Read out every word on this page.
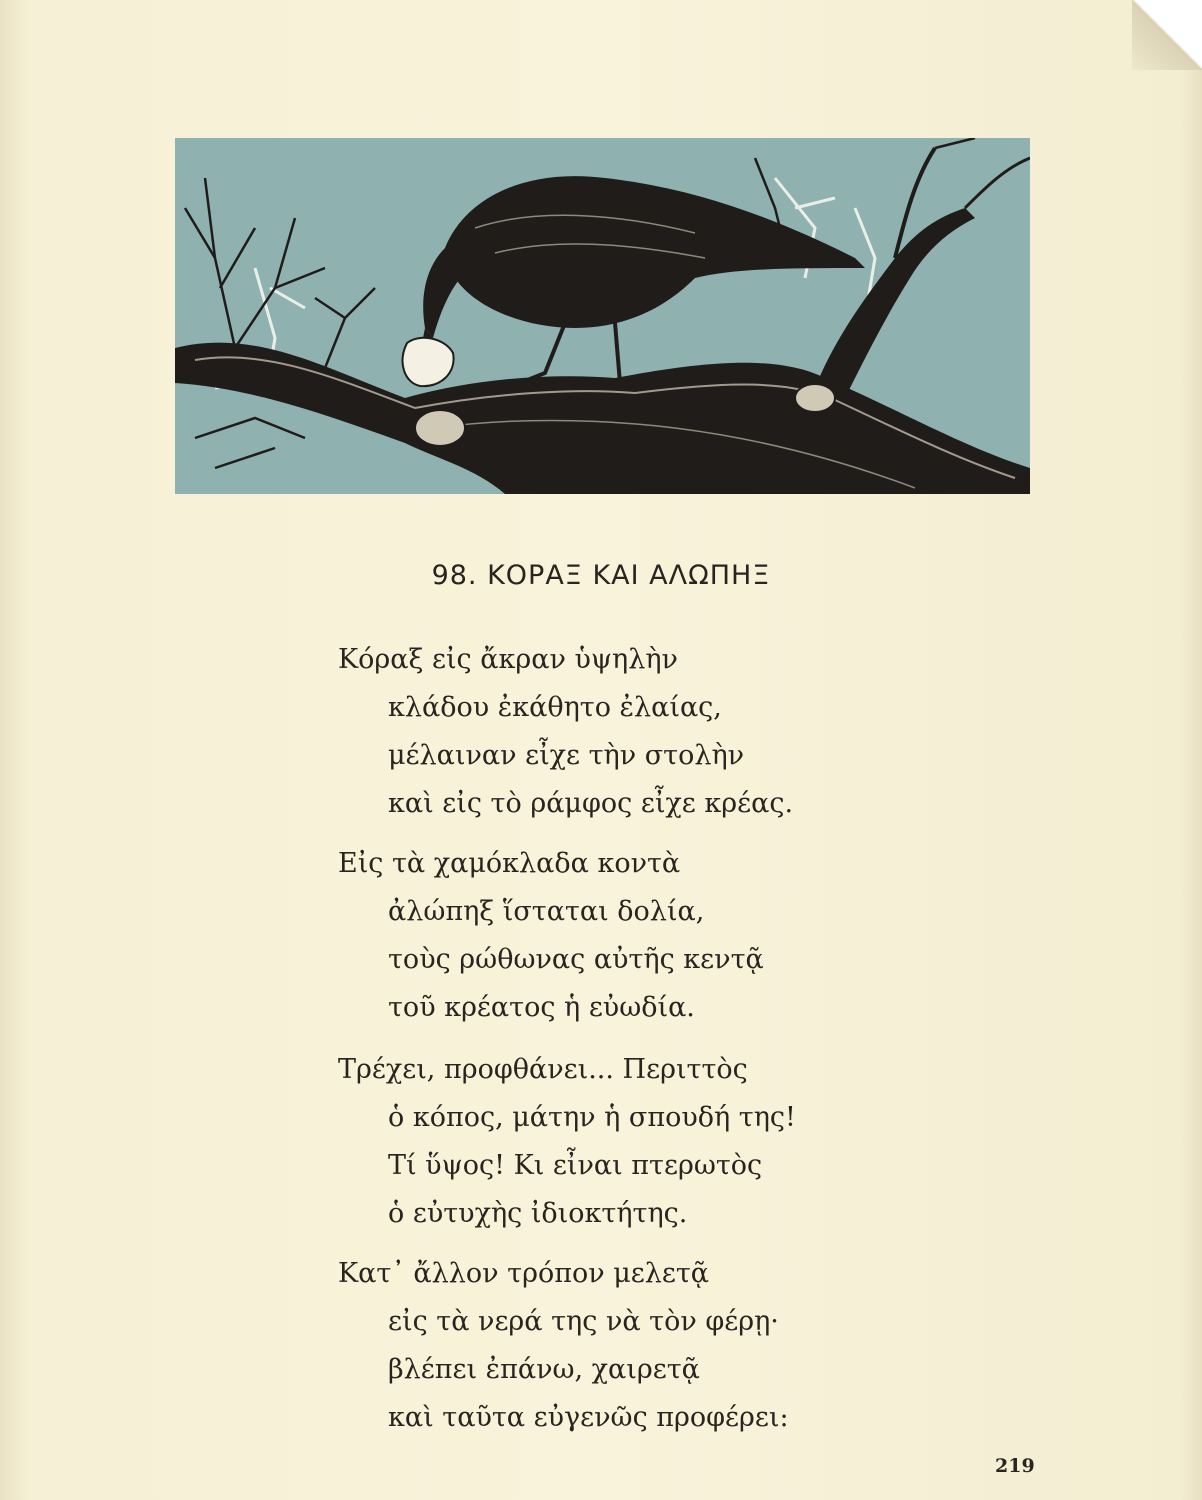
98. ΚΟΡΑΞ ΚΑΙ ΑΛΩΠΗΞ
Κόραξ εἰς ἄκραν ὑψηλὴν
κλάδου ἐκάθητο ἐλαίας,
μέλαιναν εἶχε τὴν στολὴν
καὶ εἰς τὸ ράμφος εἶχε κρέας.
Εἰς τὰ χαμόκλαδα κοντὰ
ἀλώπηξ ἵσταται δολία,
τοὺς ρώθωνας αὐτῆς κεντᾷ
τοῦ κρέατος ἡ εὐωδία.
Τρέχει, προφθάνει... Περιττὸς
ὁ κόπος, μάτην ἡ σπουδή της!
Τί ὕψος! Κι εἶναι πτερωτὸς
ὁ εὐτυχὴς ἰδιοκτήτης.
Κατ᾽ ἄλλον τρόπον μελετᾷ
εἰς τὰ νερά της νὰ τὸν φέρῃ·
βλέπει ἐπάνω, χαιρετᾷ
καὶ ταῦτα εὐγενῶς προφέρει:
219
